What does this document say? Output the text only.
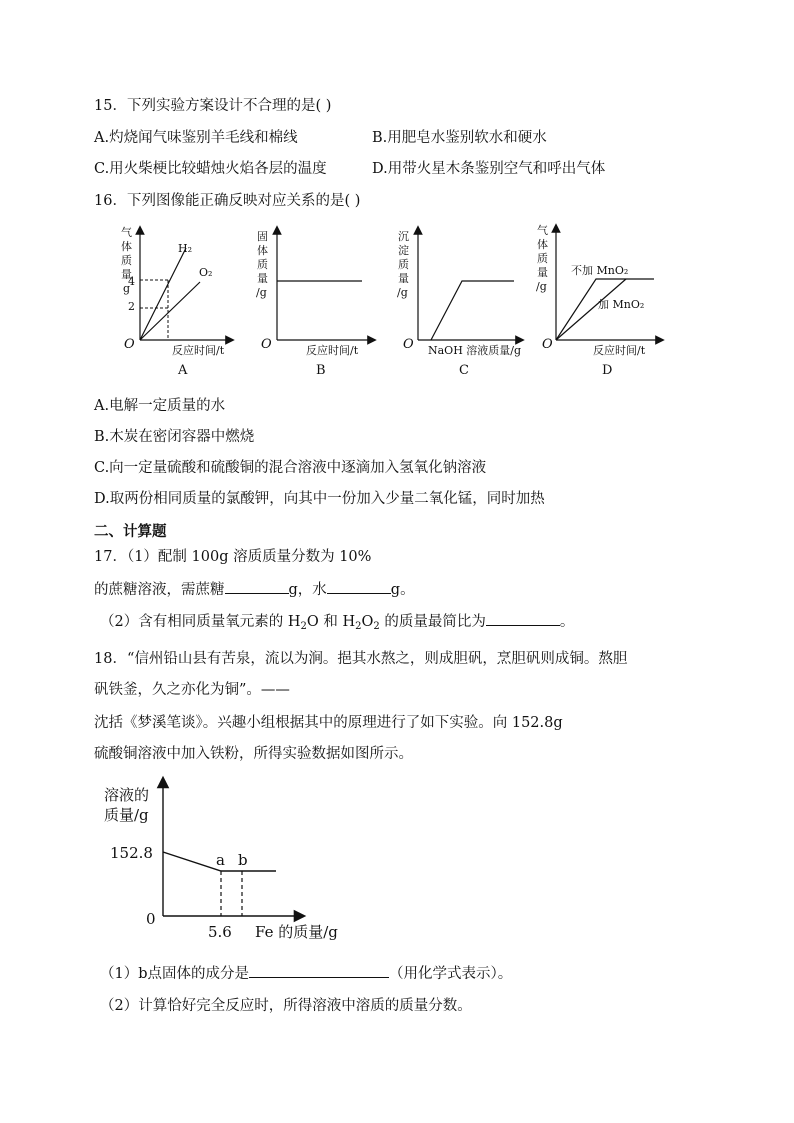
15．下列实验方案设计不合理的是( )
A.灼烧闻气味鉴别羊毛线和棉线	B.用肥皂水鉴别软水和硬水
C.用火柴梗比较蜡烛火焰各层的温度	D.用带火星木条鉴别空气和呼出气体
16．下列图像能正确反映对应关系的是( )
气
体
质
量
g
4
2
H₂
O₂
O	反应时间/t
A
固
体
质
量
/g
O	反应时间/t
B
沉
淀
质
量
/g
O NaOH 溶液质量/g
C
气
体
质
量
/g
不加 MnO₂
加 MnO₂
O	反应时间/t
D
A.电解一定质量的水
B.木炭在密闭容器中燃烧
C.向一定量硫酸和硫酸铜的混合溶液中逐滴加入氢氧化钠溶液
D.取两份相同质量的氯酸钾，向其中一份加入少量二氧化锰，同时加热
二、计算题
17．（1）配制 100g 溶质质量分数为 10%
的蔗糖溶液，需蔗糖	g，水	g。
（2）含有相同质量氧元素的 $H_2O$ 和 $H_2O_2$ 的质量最简比为	。
18．“信州铅山县有苦泉，流以为涧。挹其水熬之，则成胆矾，烹胆矾则成铜。熬胆
矾铁釜，久之亦化为铜”。——
沈括《梦溪笔谈》。兴趣小组根据其中的原理进行了如下实验。向 152.8g
硫酸铜溶液中加入铁粉，所得实验数据如图所示。
溶液的
质量/g
152.8
0
a b
5.6 Fe 的质量/g
（1）b点固体的成分是	（用化学式表示）。
（2）计算恰好完全反应时，所得溶液中溶质的质量分数。
